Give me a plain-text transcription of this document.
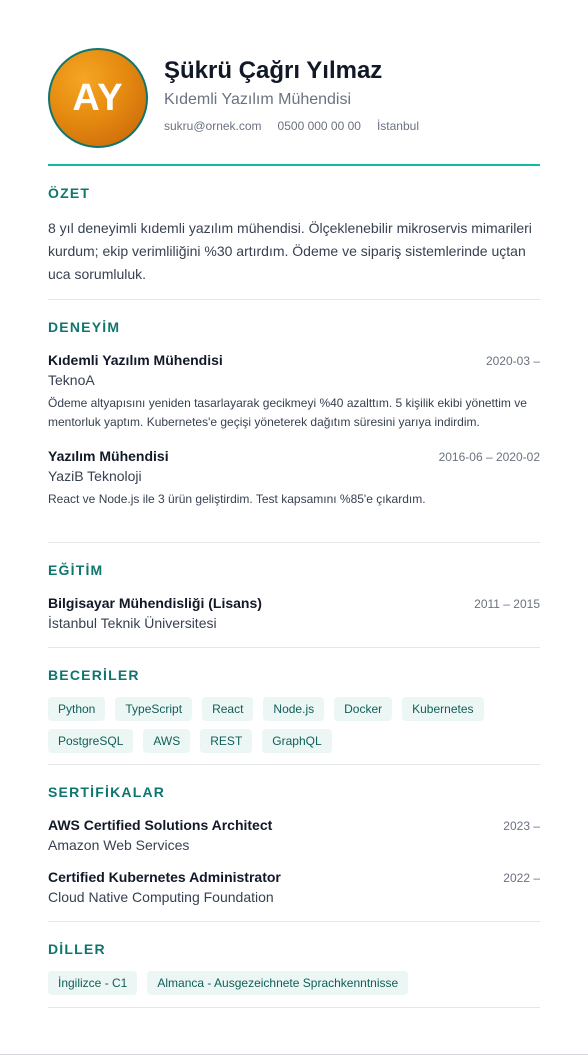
AY
Şükrü Çağrı Yılmaz
Kıdemli Yazılım Mühendisi
sukru@ornek.com 0500 000 00 00 İstanbul
ÖZET

8 yıl deneyimli kıdemli yazılım mühendisi. Ölçeklenebilir mikroservis mimarileri kurdum; ekip verimliliğini %30 artırdım. Ödeme ve sipariş sistemlerinde uçtan uca sorumluluk.

DENEYİM
Kıdemli Yazılım Mühendisi	2020-03 –
TeknoA
Ödeme altyapısını yeniden tasarlayarak gecikmeyi %40 azalttım. 5 kişilik ekibi yönettim ve mentorluk yaptım. Kubernetes'e geçişi yöneterek dağıtım süresini yarıya indirdim.
Yazılım Mühendisi	2016-06 – 2020-02
YaziB Teknoloji
React ve Node.js ile 3 ürün geliştirdim. Test kapsamını %85'e çıkardım.
EĞİTİM
Bilgisayar Mühendisliği (Lisans)	2011 – 2015
İstanbul Teknik Üniversitesi
BECERİLER
Python	TypeScript	React	Node.js	Docker	Kubernetes
PostgreSQL	AWS	REST	GraphQL
SERTİFİKALAR
AWS Certified Solutions Architect	2023 –
Amazon Web Services
Certified Kubernetes Administrator	2022 –
Cloud Native Computing Foundation
DİLLER
İngilizce - C1	Almanca - Ausgezeichnete Sprachkenntnisse
